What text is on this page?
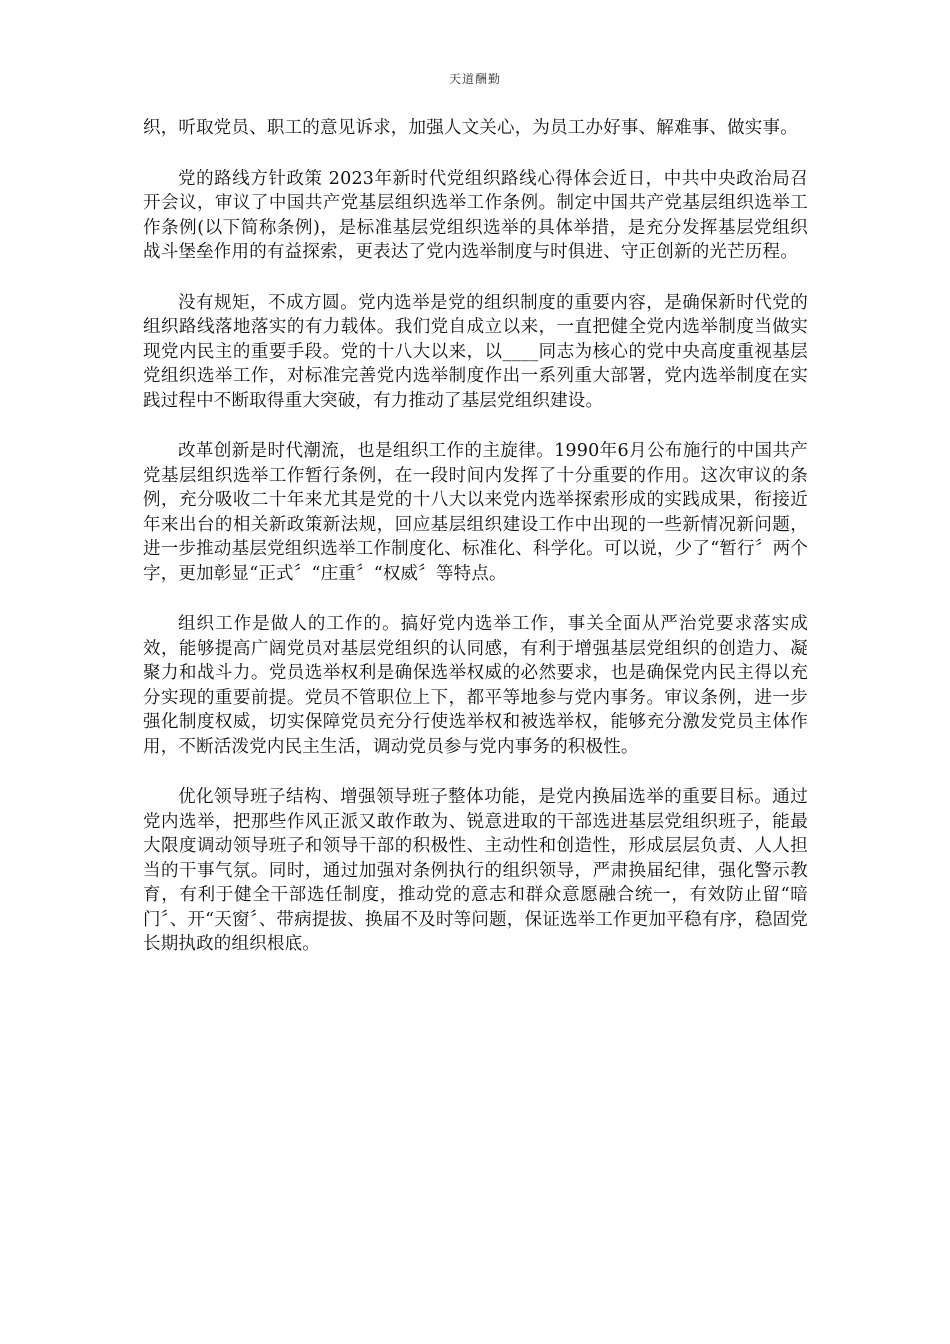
天道酬勤

织，听取党员、职工的意见诉求，加强人文关心，为员工办好事、解难事、做实事。

党的路线方针政策 2023年新时代党组织路线心得体会近日，中共中央政治局召开会议，审议了中国共产党基层组织选举工作条例。制定中国共产党基层组织选举工作条例(以下简称条例)，是标准基层党组织选举的具体举措，是充分发挥基层党组织战斗堡垒作用的有益探索，更表达了党内选举制度与时俱进、守正创新的光芒历程。

没有规矩，不成方圆。党内选举是党的组织制度的重要内容，是确保新时代党的组织路线落地落实的有力载体。我们党自成立以来，一直把健全党内选举制度当做实现党内民主的重要手段。党的十八大以来，以____同志为核心的党中央高度重视基层党组织选举工作，对标准完善党内选举制度作出一系列重大部署，党内选举制度在实践过程中不断取得重大突破，有力推动了基层党组织建设。

改革创新是时代潮流，也是组织工作的主旋律。1990年6月公布施行的中国共产党基层组织选举工作暂行条例，在一段时间内发挥了十分重要的作用。这次审议的条例，充分吸收二十年来尤其是党的十八大以来党内选举探索形成的实践成果，衔接近年来出台的相关新政策新法规，回应基层组织建设工作中出现的一些新情况新问题，进一步推动基层党组织选举工作制度化、标准化、科学化。可以说，少了“暂行〞两个字，更加彰显“正式〞“庄重〞“权威〞等特点。

组织工作是做人的工作的。搞好党内选举工作，事关全面从严治党要求落实成效，能够提高广阔党员对基层党组织的认同感，有利于增强基层党组织的创造力、凝聚力和战斗力。党员选举权利是确保选举权威的必然要求，也是确保党内民主得以充分实现的重要前提。党员不管职位上下，都平等地参与党内事务。审议条例，进一步强化制度权威，切实保障党员充分行使选举权和被选举权，能够充分激发党员主体作用，不断活泼党内民主生活，调动党员参与党内事务的积极性。

优化领导班子结构、增强领导班子整体功能，是党内换届选举的重要目标。通过党内选举，把那些作风正派又敢作敢为、锐意进取的干部选进基层党组织班子，能最大限度调动领导班子和领导干部的积极性、主动性和创造性，形成层层负责、人人担当的干事气氛。同时，通过加强对条例执行的组织领导，严肃换届纪律，强化警示教育，有利于健全干部选任制度，推动党的意志和群众意愿融合统一，有效防止留“暗门〞、开“天窗〞、带病提拔、换届不及时等问题，保证选举工作更加平稳有序，稳固党长期执政的组织根底。
